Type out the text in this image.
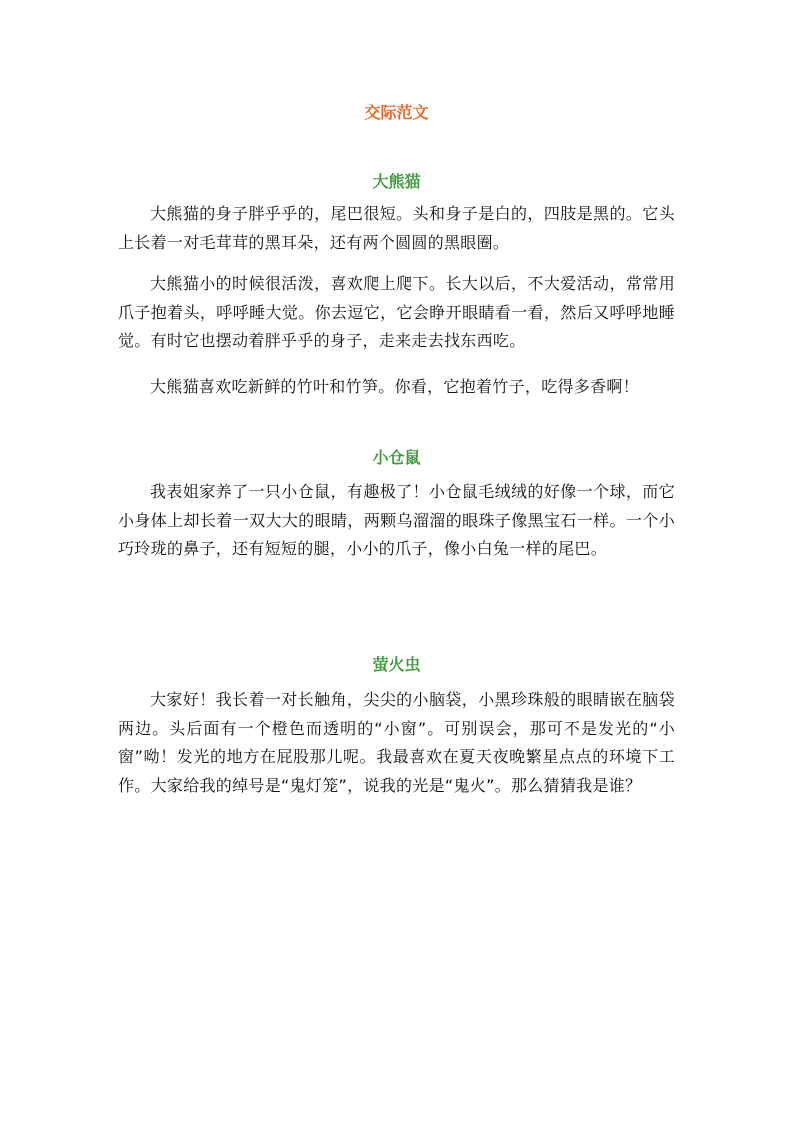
交际范文
大熊猫

大熊猫的身子胖乎乎的，尾巴很短。头和身子是白的，四肢是黑的。它头上长着一对毛茸茸的黑耳朵，还有两个圆圆的黑眼圈。

大熊猫小的时候很活泼，喜欢爬上爬下。长大以后，不大爱活动，常常用爪子抱着头，呼呼睡大觉。你去逗它，它会睁开眼睛看一看，然后又呼呼地睡觉。有时它也摆动着胖乎乎的身子，走来走去找东西吃。

大熊猫喜欢吃新鲜的竹叶和竹笋。你看，它抱着竹子，吃得多香啊！

小仓鼠

我表姐家养了一只小仓鼠，有趣极了！小仓鼠毛绒绒的好像一个球，而它小身体上却长着一双大大的眼睛，两颗乌溜溜的眼珠子像黑宝石一样。一个小巧玲珑的鼻子，还有短短的腿，小小的爪子，像小白兔一样的尾巴。

萤火虫

大家好！我长着一对长触角，尖尖的小脑袋，小黑珍珠般的眼睛嵌在脑袋两边。头后面有一个橙色而透明的“小窗”。可别误会，那可不是发光的“小窗”呦！发光的地方在屁股那儿呢。我最喜欢在夏天夜晚繁星点点的环境下工作。大家给我的绰号是“鬼灯笼”，说我的光是“鬼火”。那么猜猜我是谁？
